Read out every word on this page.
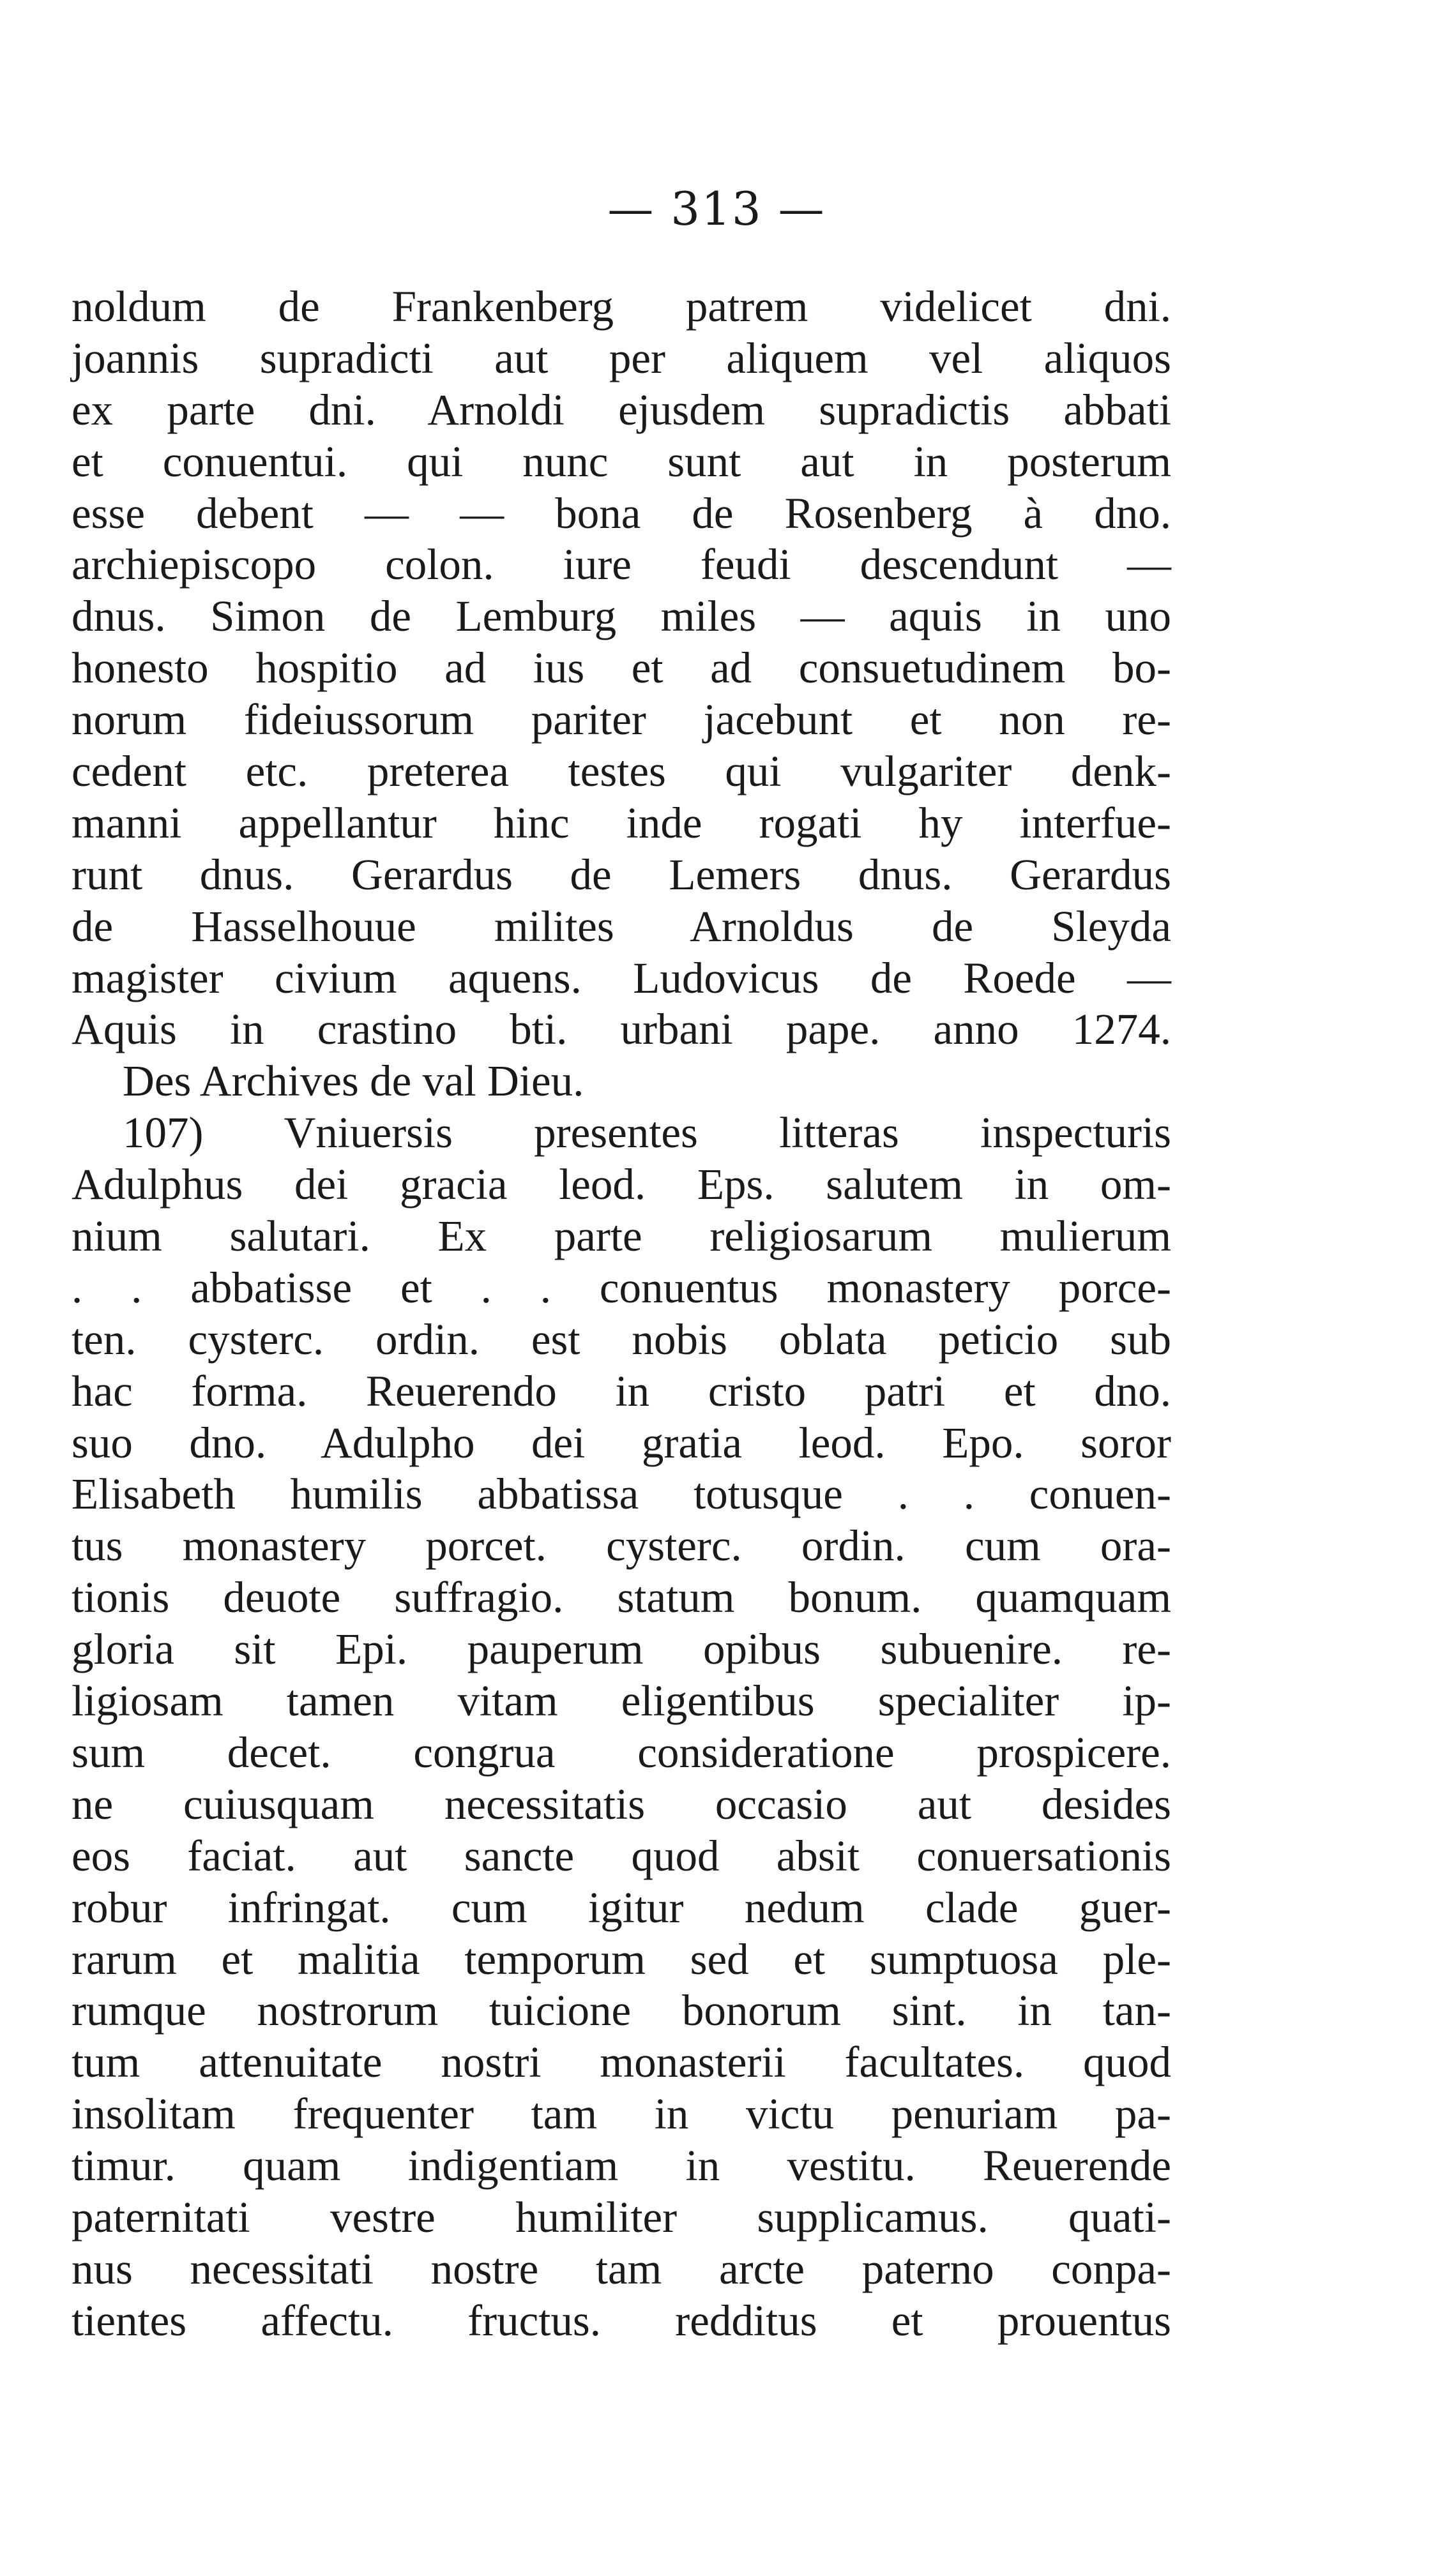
— 313 —
noldum de Frankenberg patrem videlicet dni.
joannis supradicti aut per aliquem vel aliquos
ex parte dni. Arnoldi ejusdem supradictis abbati
et conuentui. qui nunc sunt aut in posterum
esse debent — — bona de Rosenberg à dno.
archiepiscopo colon. iure feudi descendunt —
dnus. Simon de Lemburg miles — aquis in uno
honesto hospitio ad ius et ad consuetudinem bo-
norum fideiussorum pariter jacebunt et non re-
cedent etc. preterea testes qui vulgariter denk-
manni appellantur hinc inde rogati hy interfue-
runt dnus. Gerardus de Lemers dnus. Gerardus
de Hasselhouue milites Arnoldus de Sleyda
magister civium aquens. Ludovicus de Roede —
Aquis in crastino bti. urbani pape. anno 1274.
Des Archives de val Dieu.
107) Vniuersis presentes litteras inspecturis
Adulphus dei gracia leod. Eps. salutem in om-
nium salutari. Ex parte religiosarum mulierum
. . abbatisse et . . conuentus monastery porce-
ten. cysterc. ordin. est nobis oblata peticio sub
hac forma. Reuerendo in cristo patri et dno.
suo dno. Adulpho dei gratia leod. Epo. soror
Elisabeth humilis abbatissa totusque . . conuen-
tus monastery porcet. cysterc. ordin. cum ora-
tionis deuote suffragio. statum bonum. quamquam
gloria sit Epi. pauperum opibus subuenire. re-
ligiosam tamen vitam eligentibus specialiter ip-
sum decet. congrua consideratione prospicere.
ne cuiusquam necessitatis occasio aut desides
eos faciat. aut sancte quod absit conuersationis
robur infringat. cum igitur nedum clade guer-
rarum et malitia temporum sed et sumptuosa ple-
rumque nostrorum tuicione bonorum sint. in tan-
tum attenuitate nostri monasterii facultates. quod
insolitam frequenter tam in victu penuriam pa-
timur. quam indigentiam in vestitu. Reuerende
paternitati vestre humiliter supplicamus. quati-
nus necessitati nostre tam arcte paterno conpa-
tientes affectu. fructus. redditus et prouentus
